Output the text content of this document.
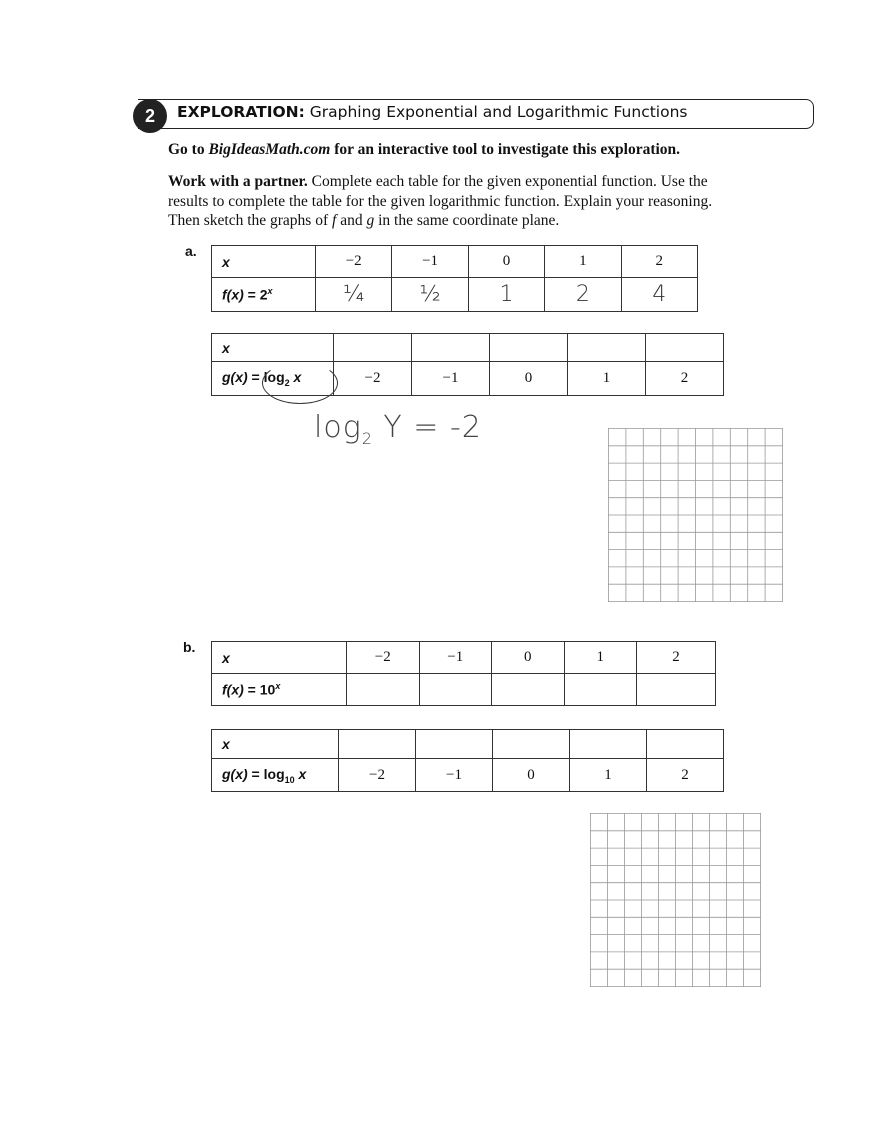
2 EXPLORATION: Graphing Exponential and Logarithmic Functions
Go to BigIdeasMath.com for an interactive tool to investigate this exploration.
Work with a partner. Complete each table for the given exponential function. Use the results to complete the table for the given logarithmic function. Explain your reasoning. Then sketch the graphs of f and g in the same coordinate plane.
a.
x	−2	−1	0	1	2
$f(x) = 2^x$	¼	½	1	2	4
x					
$g(x) = \log_2 x$	−2	−1	0	1	2
$\log_2 Y = -2$
b.
x	−2	−1	0	1	2
$f(x) = 10^x$					
x					
$g(x) = \log_{10} x$	−2	−1	0	1	2
